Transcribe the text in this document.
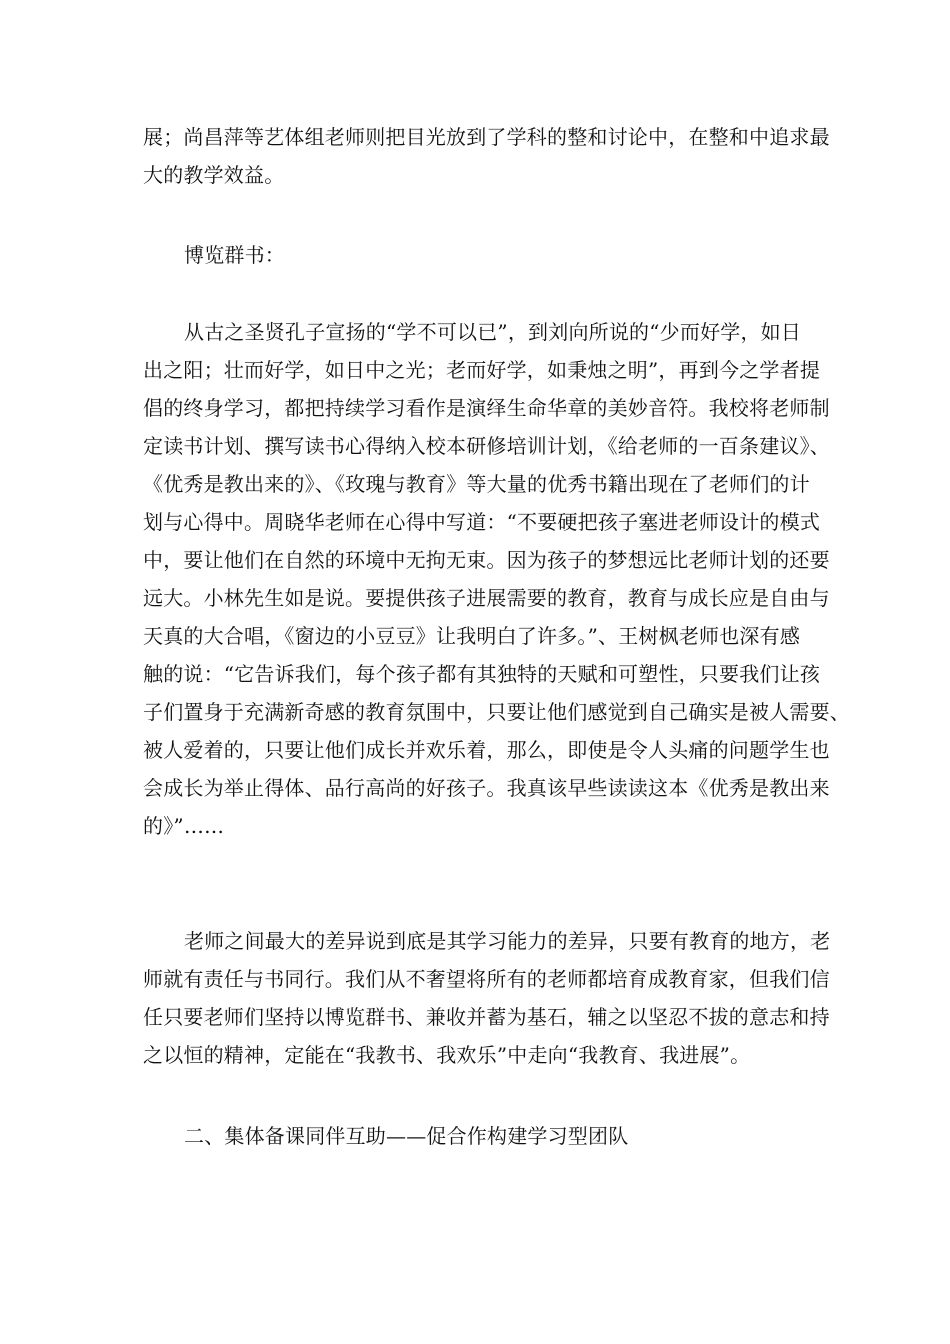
展；尚昌萍等艺体组老师则把目光放到了学科的整和讨论中，在整和中追求最
大的教学效益。
博览群书：
从古之圣贤孔子宣扬的“学不可以已”，到刘向所说的“少而好学，如日
出之阳；壮而好学，如日中之光；老而好学，如秉烛之明”，再到今之学者提
倡的终身学习，都把持续学习看作是演绎生命华章的美妙音符。我校将老师制
定读书计划、撰写读书心得纳入校本研修培训计划，《给老师的一百条建议》、
《优秀是教出来的》、《玫瑰与教育》等大量的优秀书籍出现在了老师们的计
划与心得中。周晓华老师在心得中写道：“不要硬把孩子塞进老师设计的模式
中，要让他们在自然的环境中无拘无束。因为孩子的梦想远比老师计划的还要
远大。小林先生如是说。要提供孩子进展需要的教育，教育与成长应是自由与
天真的大合唱，《窗边的小豆豆》让我明白了许多。”、王树枫老师也深有感
触的说：“它告诉我们，每个孩子都有其独特的天赋和可塑性，只要我们让孩
子们置身于充满新奇感的教育氛围中，只要让他们感觉到自己确实是被人需要、
被人爱着的，只要让他们成长并欢乐着，那么，即使是令人头痛的问题学生也
会成长为举止得体、品行高尚的好孩子。我真该早些读读这本《优秀是教出来
的》”……
老师之间最大的差异说到底是其学习能力的差异，只要有教育的地方，老
师就有责任与书同行。我们从不奢望将所有的老师都培育成教育家，但我们信
任只要老师们坚持以博览群书、兼收并蓄为基石，辅之以坚忍不拔的意志和持
之以恒的精神，定能在“我教书、我欢乐”中走向“我教育、我进展”。
二、集体备课同伴互助——促合作构建学习型团队
